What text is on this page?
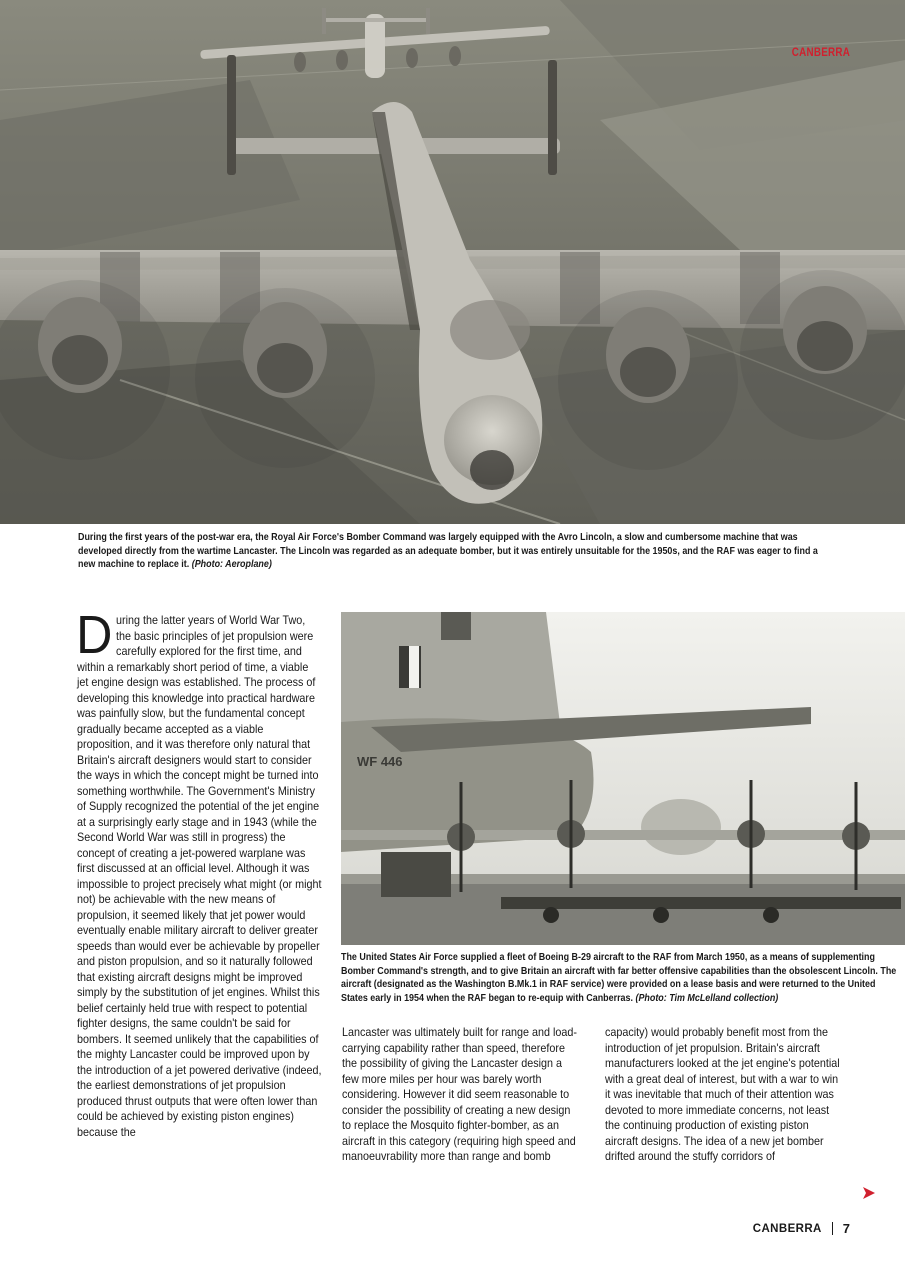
CANBERRA
During the first years of the post-war era, the Royal Air Force's Bomber Command was largely equipped with the Avro Lincoln, a slow and cumbersome machine that was developed directly from the wartime Lancaster. The Lincoln was regarded as an adequate bomber, but it was entirely unsuitable for the 1950s, and the RAF was eager to find a new machine to replace it. (Photo: Aeroplane)
During the latter years of World War Two, the basic principles of jet propulsion were carefully explored for the first time, and within a remarkably short period of time, a viable jet engine design was established. The process of developing this knowledge into practical hardware was painfully slow, but the fundamental concept gradually became accepted as a viable proposition, and it was therefore only natural that Britain's aircraft designers would start to consider the ways in which the concept might be turned into something worthwhile. The Government's Ministry of Supply recognized the potential of the jet engine at a surprisingly early stage and in 1943 (while the Second World War was still in progress) the concept of creating a jet-powered warplane was first discussed at an official level. Although it was impossible to project precisely what might (or might not) be achievable with the new means of propulsion, it seemed likely that jet power would eventually enable military aircraft to deliver greater speeds than would ever be achievable by propeller and piston propulsion, and so it naturally followed that existing aircraft designs might be improved simply by the substitution of jet engines. Whilst this belief certainly held true with respect to potential fighter designs, the same couldn't be said for bombers. It seemed unlikely that the capabilities of the mighty Lancaster could be improved upon by the introduction of a jet powered derivative (indeed, the earliest demonstrations of jet propulsion produced thrust outputs that were often lower than could be achieved by existing piston engines) because the
WF 446
The United States Air Force supplied a fleet of Boeing B-29 aircraft to the RAF from March 1950, as a means of supplementing Bomber Command's strength, and to give Britain an aircraft with far better offensive capabilities than the obsolescent Lincoln. The aircraft (designated as the Washington B.Mk.1 in RAF service) were provided on a lease basis and were returned to the United States early in 1954 when the RAF began to re-equip with Canberras. (Photo: Tim McLelland collection)
Lancaster was ultimately built for range and load-carrying capability rather than speed, therefore the possibility of giving the Lancaster design a few more miles per hour was barely worth considering. However it did seem reasonable to consider the possibility of creating a new design to replace the Mosquito fighter-bomber, as an aircraft in this category (requiring high speed and manoeuvrability more than range and bomb
capacity) would probably benefit most from the introduction of jet propulsion. Britain's aircraft manufacturers looked at the jet engine's potential with a great deal of interest, but with a war to win it was inevitable that much of their attention was devoted to more immediate concerns, not least the continuing production of existing piston aircraft designs. The idea of a new jet bomber drifted around the stuffy corridors of
CANBERRA 7
